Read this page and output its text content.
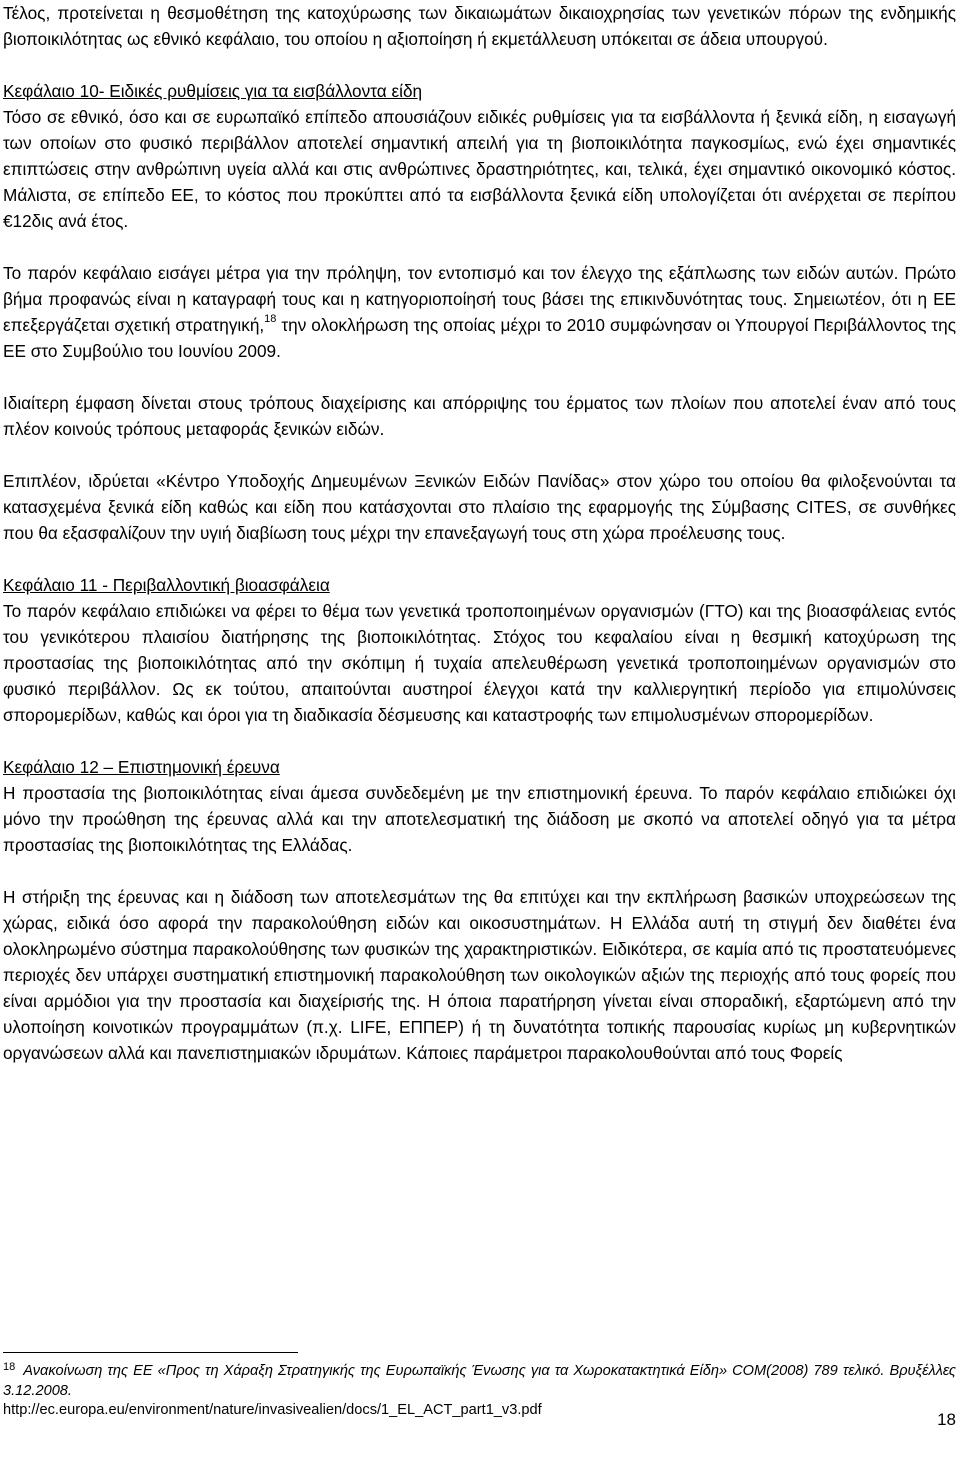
Τέλος, προτείνεται η θεσμοθέτηση της κατοχύρωσης των δικαιωμάτων δικαιοχρησίας των γενετικών πόρων της ενδημικής βιοποικιλότητας ως εθνικό κεφάλαιο, του οποίου η αξιοποίηση ή εκμετάλλευση υπόκειται σε άδεια υπουργού.

Κεφάλαιο 10- Ειδικές ρυθμίσεις για τα εισβάλλοντα είδη

Τόσο σε εθνικό, όσο και σε ευρωπαϊκό επίπεδο απουσιάζουν ειδικές ρυθμίσεις για τα εισβάλλοντα ή ξενικά είδη, η εισαγωγή των οποίων στο φυσικό περιβάλλον αποτελεί σημαντική απειλή για τη βιοποικιλότητα παγκοσμίως, ενώ έχει σημαντικές επιπτώσεις στην ανθρώπινη υγεία αλλά και στις ανθρώπινες δραστηριότητες, και, τελικά, έχει σημαντικό οικονομικό κόστος. Μάλιστα, σε επίπεδο ΕΕ, το κόστος που προκύπτει από τα εισβάλλοντα ξενικά είδη υπολογίζεται ότι ανέρχεται σε περίπου €12δις ανά έτος.

Το παρόν κεφάλαιο εισάγει μέτρα για την πρόληψη, τον εντοπισμό και τον έλεγχο της εξάπλωσης των ειδών αυτών. Πρώτο βήμα προφανώς είναι η καταγραφή τους και η κατηγοριοποίησή τους βάσει της επικινδυνότητας τους. Σημειωτέον, ότι η ΕΕ επεξεργάζεται σχετική στρατηγική,$^{18}$ την ολοκλήρωση της οποίας μέχρι το 2010 συμφώνησαν οι Υπουργοί Περιβάλλοντος της ΕΕ στο Συμβούλιο του Ιουνίου 2009.

Ιδιαίτερη έμφαση δίνεται στους τρόπους διαχείρισης και απόρριψης του έρματος των πλοίων που αποτελεί έναν από τους πλέον κοινούς τρόπους μεταφοράς ξενικών ειδών.

Επιπλέον, ιδρύεται «Κέντρο Υποδοχής Δημευμένων Ξενικών Ειδών Πανίδας» στον χώρο του οποίου θα φιλοξενούνται τα κατασχεμένα ξενικά είδη καθώς και είδη που κατάσχονται στο πλαίσιο της εφαρμογής της Σύμβασης CITES, σε συνθήκες που θα εξασφαλίζουν την υγιή διαβίωση τους μέχρι την επανεξαγωγή τους στη χώρα προέλευσης τους.

Κεφάλαιο 11 - Περιβαλλοντική βιοασφάλεια

Το παρόν κεφάλαιο επιδιώκει να φέρει το θέμα των γενετικά τροποποιημένων οργανισμών (ΓΤΟ) και της βιοασφάλειας εντός του γενικότερου πλαισίου διατήρησης της βιοποικιλότητας. Στόχος του κεφαλαίου είναι η θεσμική κατοχύρωση της προστασίας της βιοποικιλότητας από την σκόπιμη ή τυχαία απελευθέρωση γενετικά τροποποιημένων οργανισμών στο φυσικό περιβάλλον. Ως εκ τούτου, απαιτούνται αυστηροί έλεγχοι κατά την καλλιεργητική περίοδο για επιμολύνσεις σπορομερίδων, καθώς και όροι για τη διαδικασία δέσμευσης και καταστροφής των επιμολυσμένων σπορομερίδων.

Κεφάλαιο 12 – Επιστημονική έρευνα

Η προστασία της βιοποικιλότητας είναι άμεσα συνδεδεμένη με την επιστημονική έρευνα. Το παρόν κεφάλαιο επιδιώκει όχι μόνο την προώθηση της έρευνας αλλά και την αποτελεσματική της διάδοση με σκοπό να αποτελεί οδηγό για τα μέτρα προστασίας της βιοποικιλότητας της Ελλάδας.

Η στήριξη της έρευνας και η διάδοση των αποτελεσμάτων της θα επιτύχει και την εκπλήρωση βασικών υποχρεώσεων της χώρας, ειδικά όσο αφορά την παρακολούθηση ειδών και οικοσυστημάτων. Η Ελλάδα αυτή τη στιγμή δεν διαθέτει ένα ολοκληρωμένο σύστημα παρακολούθησης των φυσικών της χαρακτηριστικών. Ειδικότερα, σε καμία από τις προστατευόμενες περιοχές δεν υπάρχει συστηματική επιστημονική παρακολούθηση των οικολογικών αξιών της περιοχής από τους φορείς που είναι αρμόδιοι για την προστασία και διαχείρισής της. Η όποια παρατήρηση γίνεται είναι σποραδική, εξαρτώμενη από την υλοποίηση κοινοτικών προγραμμάτων (π.χ. LIFE, ΕΠΠΕΡ) ή τη δυνατότητα τοπικής παρουσίας κυρίως μη κυβερνητικών οργανώσεων αλλά και πανεπιστημιακών ιδρυμάτων. Κάποιες παράμετροι παρακολουθούνται από τους Φορείς

$^{18}$ Ανακοίνωση της ΕΕ «Προς τη Χάραξη Στρατηγικής της Ευρωπαϊκής Ένωσης για τα Χωροκατακτητικά Είδη» COM(2008) 789 τελικό. Βρυξέλλες 3.12.2008.
http://ec.europa.eu/environment/nature/invasivealien/docs/1_EL_ACT_part1_v3.pdf	18
